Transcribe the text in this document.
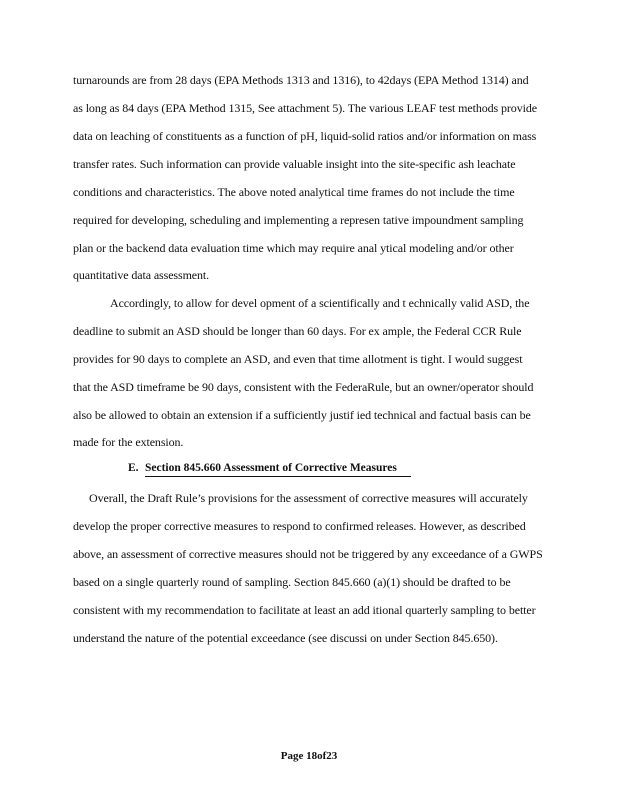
turnarounds are from 28 days (EPA Methods 1313 and 1316), to 42days (EPA Method 1314) and
as long as 84 days (EPA Method 1315, See attachment 5). The various LEAF test methods provide
data on leaching of constituents as a function of pH, liquid-solid ratios and/or information on mass
transfer rates. Such information can provide valuable insight into the site-specific ash leachate
conditions and characteristics. The above noted analytical time frames do not include the time
required for developing, scheduling and implementing a represen tative impoundment sampling
plan or the backend data evaluation time which may require anal ytical modeling and/or other
quantitative data assessment.
Accordingly, to allow for devel opment of a scientifically and t echnically valid ASD, the
deadline to submit an ASD should be longer than 60 days. For ex ample, the Federal CCR Rule
provides for 90 days to complete an ASD, and even that time allotment is tight. I would suggest
that the ASD timeframe be 90 days, consistent with the FederaRule, but an owner/operator should
also be allowed to obtain an extension if a sufficiently justif ied technical and factual basis can be
made for the extension.
E. Section 845.660 Assessment of Corrective Measures
Overall, the Draft Rule’s provisions for the assessment of corrective measures will accurately
develop the proper corrective measures to respond to confirmed releases. However, as described
above, an assessment of corrective measures should not be triggered by any exceedance of a GWPS
based on a single quarterly round of sampling. Section 845.660 (a)(1) should be drafted to be
consistent with my recommendation to facilitate at least an add itional quarterly sampling to better
understand the nature of the potential exceedance (see discussi on under Section 845.650).
Page 18of23
